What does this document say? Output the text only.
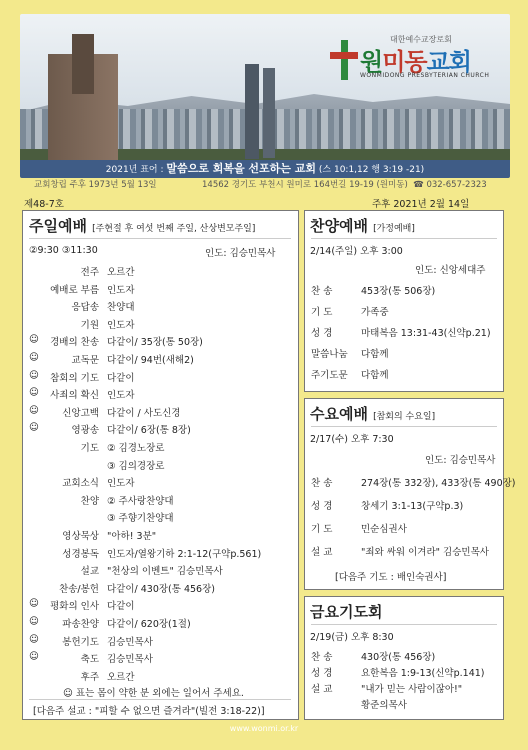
대한예수교장로회
원미동교회
WONMIDONG PRESBYTERIAN CHURCH
2021년 표어 : 말씀으로 회복을 선포하는 교회 (스 10:1,12 행 3:19 -21)
교회창립 주후 1973년 5월 13일	14562 경기도 부천시 원미로 164번길 19-19 (원미동) ☎ 032-657-2323
제48-7호	주후 2021년 2월 14일
주일예배 [주현절 후 여섯 번째 주일, 산상변모주일]
②9:30 ③11:30	인도: 김승민목사
전주 오르간
예배로 부름 인도자
응답송 찬양대
기원 인도자
☺	경배의 찬송 다같이/ 35장(통 50장)
☺	교독문 다같이/ 94번(새해2)
☺	참회의 기도 다같이
☺	사죄의 확신 인도자
☺	신앙고백 다같이 / 사도신경
☺	영광송 다같이/ 6장(통 8장)
기도 ② 김경노장로
③ 김의경장로
교회소식 인도자
찬양 ② 주사랑찬양대
③ 주향기찬양대
영상묵상 "아하! 3분"
성경봉독 인도자/열왕기하 2:1-12(구약p.561)
설교 "천상의 이벤트" 김승민목사
찬송/봉헌 다같이/ 430장(통 456장)
☺	평화의 인사 다같이
☺	파송찬양 다같이/ 620장(1절)
☺	봉헌기도 김승민목사
☺	축도 김승민목사
후주 오르간
☺ 표는 몸이 약한 분 외에는 일어서 주세요.
[다음주 설교 : "피할 수 없으면 즐겨라"(빌전 3:18-22)]
찬양예배 [가정예배]
2/14(주일) 오후 3:00
인도: 신앙세대주
찬 송	453장(통 506장)
기 도	가족중
성 경	마태복음 13:31-43(신약p.21)
말씀나눔	다함께
주기도문	다함께
수요예배 [참회의 수요일]
2/17(수) 오후 7:30
인도: 김승민목사
찬 송	274장(통 332장), 433장(통 490장)
성 경	창세기 3:1-13(구약p.3)
기 도	민순심권사
설 교	"죄와 싸워 이겨라" 김승민목사
[다음주 기도 : 배인숙권사]
금요기도회
2/19(금) 오후 8:30
찬 송	430장(통 456장)
성 경	요한복음 1:9-13(신약p.141)
설 교	"내가 믿는 사람이잖아!"
황준의목사
www.wonmi.or.kr
